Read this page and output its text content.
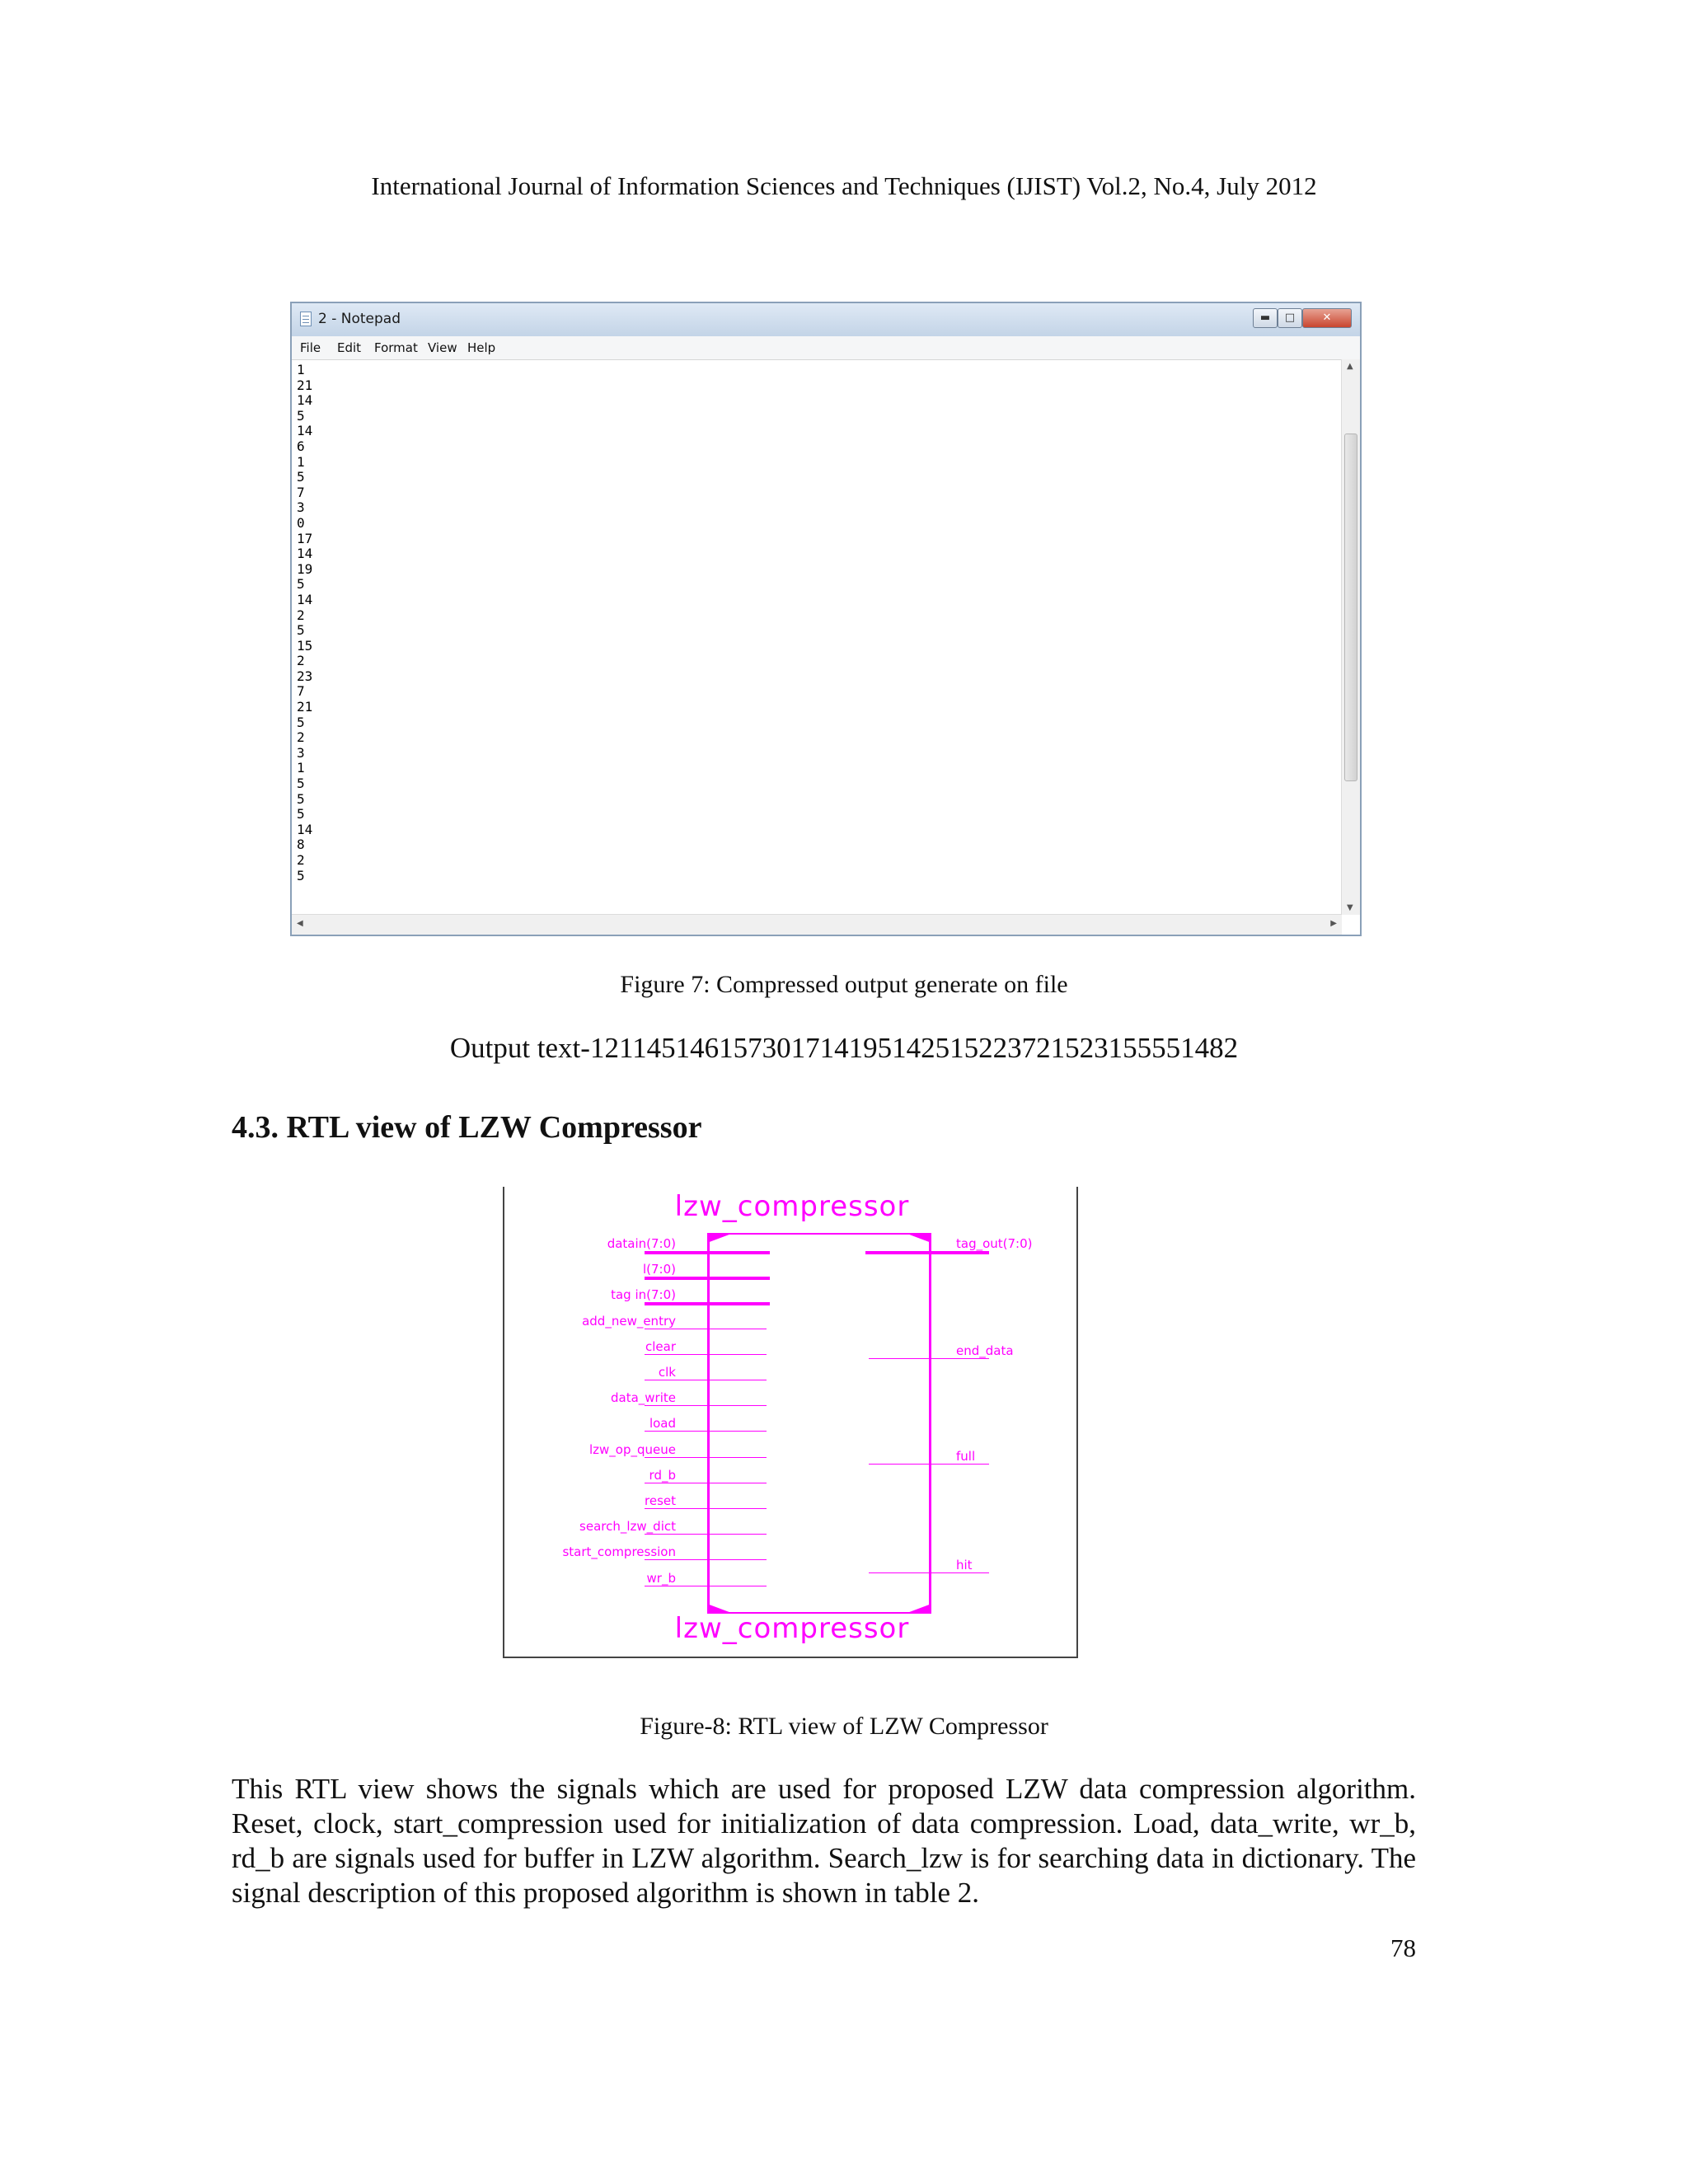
International Journal of Information Sciences and Techniques (IJIST) Vol.2, No.4, July 2012
2 - Notepad	▬	□	✕
File Edit Format View Help
1
21
14
5
14
6
1
5
7
3
0
17
14
19
5
14
2
5
15
2
23
7
21
5
2
3
1
5
5
5
14
8
2
5
▲
▼
◀	▶
Figure 7: Compressed output generate on file
Output text-121145146157301714195142515223721523155551482
4.3. RTL view of LZW Compressor
lzw_compressor
datain(7:0)
l(7:0)
tag in(7:0)
add_new_entry
clear
clk
data_write
load
lzw_op_queue
rd_b
reset
search_lzw_dict
start_compression
wr_b
tag_out(7:0)
end_data
full
hit
lzw_compressor
Figure-8: RTL view of LZW Compressor
This RTL view shows the signals which are used for proposed LZW data compression algorithm. Reset, clock, start_compression used for initialization of data compression. Load, data_write, wr_b, rd_b are signals used for buffer in LZW algorithm. Search_lzw is for searching data in dictionary. The signal description of this proposed algorithm is shown in table 2.
78
